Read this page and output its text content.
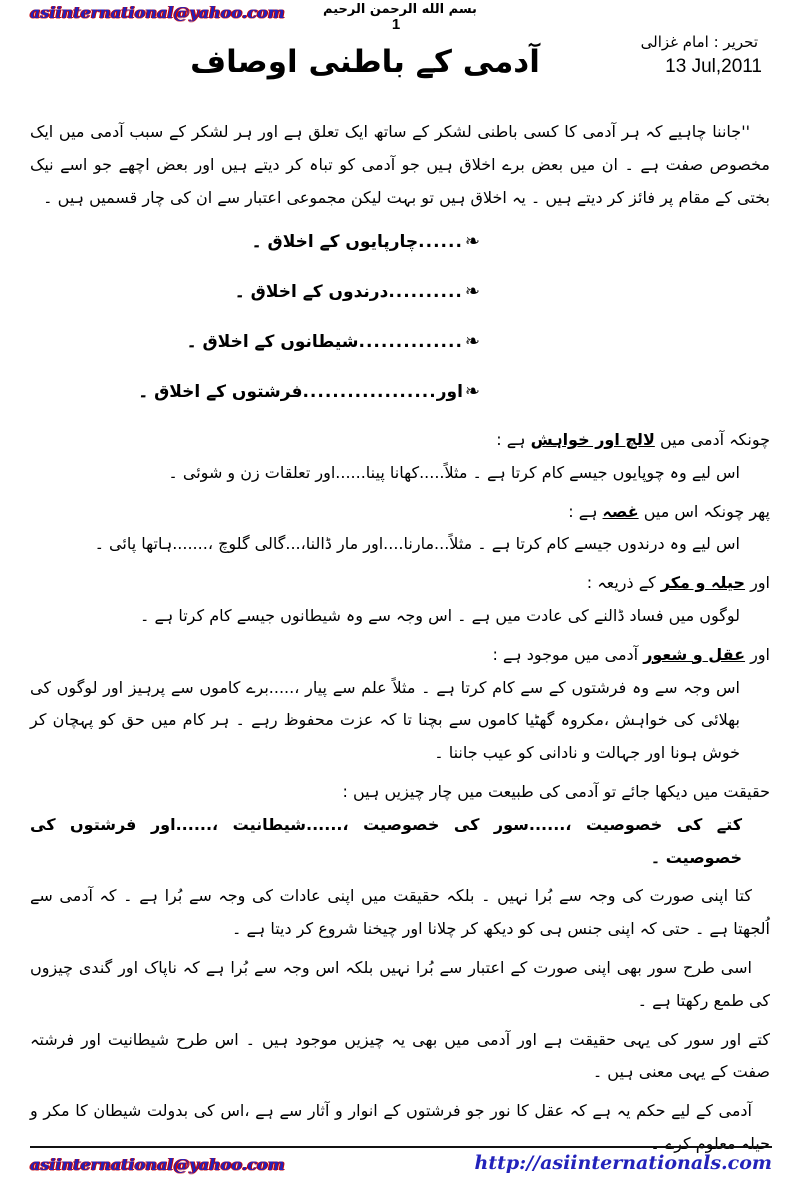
asiinternational@yahoo.com	بسم الله الرحمن الرحيم
1
تحریر : امام غزالی
13 Jul,2011
آدمی کے باطنی اوصاف

''جاننا چاہیے کہ ہر آدمی کا کسی باطنی لشکر کے ساتھ ایک تعلق ہے اور ہر لشکر کے سبب آدمی میں ایک مخصوص صفت ہے ۔ ان میں بعض برے اخلاق ہیں جو آدمی کو تباہ کر دیتے ہیں اور بعض اچھے جو اسے نیک بختی کے مقام پر فائز کر دیتے ہیں ۔ یہ اخلاق ہیں تو بہت لیکن مجموعی اعتبار سے ان کی چار قسمیں ہیں ۔

❧
......
چارپایوں کے اخلاق ۔
❧
..........
درندوں کے اخلاق ۔
❧
..............
شیطانوں کے اخلاق ۔
❧
اور
..................
فرشتوں کے اخلاق ۔

چونکہ آدمی میں لالچ اور خواہش ہے :

اس لیے وہ چوپایوں جیسے کام کرتا ہے ۔ مثلاً.....کھانا پینا......اور تعلقات زن و شوئی ۔

پھر چونکہ اس میں غصہ ہے :

اس لیے وہ درندوں جیسے کام کرتا ہے ۔ مثلاً...مارنا....اور مار ڈالنا،...گالی گلوچ ،.......ہاتھا پائی ۔

اور حیلہ و مکر کے ذریعہ :

لوگوں میں فساد ڈالنے کی عادت میں ہے ۔ اس وجہ سے وہ شیطانوں جیسے کام کرتا ہے ۔

اور عقل و شعور آدمی میں موجود ہے :

اس وجہ سے وہ فرشتوں کے سے کام کرتا ہے ۔ مثلاً علم سے پیار ،.....برے کاموں سے پرہیز اور لوگوں کی بھلائی کی خواہش ،مکروہ گھٹیا کاموں سے بچنا تا کہ عزت محفوظ رہے ۔ ہر کام میں حق کو پہچان کر خوش ہونا اور جہالت و نادانی کو عیب جاننا ۔

حقیقت میں دیکھا جائے تو آدمی کی طبیعت میں چار چیزیں ہیں :

کتے کی خصوصیت ،......سور کی خصوصیت ،......شیطانیت ،......اور فرشتوں کی خصوصیت ۔

کتا اپنی صورت کی وجہ سے بُرا نہیں ۔ بلکہ حقیقت میں اپنی عادات کی وجہ سے بُرا ہے ۔ کہ آدمی سے اُلجھتا ہے ۔ حتی کہ اپنی جنس ہی کو دیکھ کر چلانا اور چیخنا شروع کر دیتا ہے ۔

اسی طرح سور بھی اپنی صورت کے اعتبار سے بُرا نہیں بلکہ اس وجہ سے بُرا ہے کہ ناپاک اور گندی چیزوں کی طمع رکھتا ہے ۔

کتے اور سور کی یہی حقیقت ہے اور آدمی میں بھی یہ چیزیں موجود ہیں ۔ اس طرح شیطانیت اور فرشتہ صفت کے یہی معنی ہیں ۔

آدمی کے لیے حکم یہ ہے کہ عقل کا نور جو فرشتوں کے انوار و آثار سے ہے ،اس کی بدولت شیطان کا مکر و حیلہ معلوم کرے ۔

asiinternational@yahoo.com	http://asiinternationals.com
